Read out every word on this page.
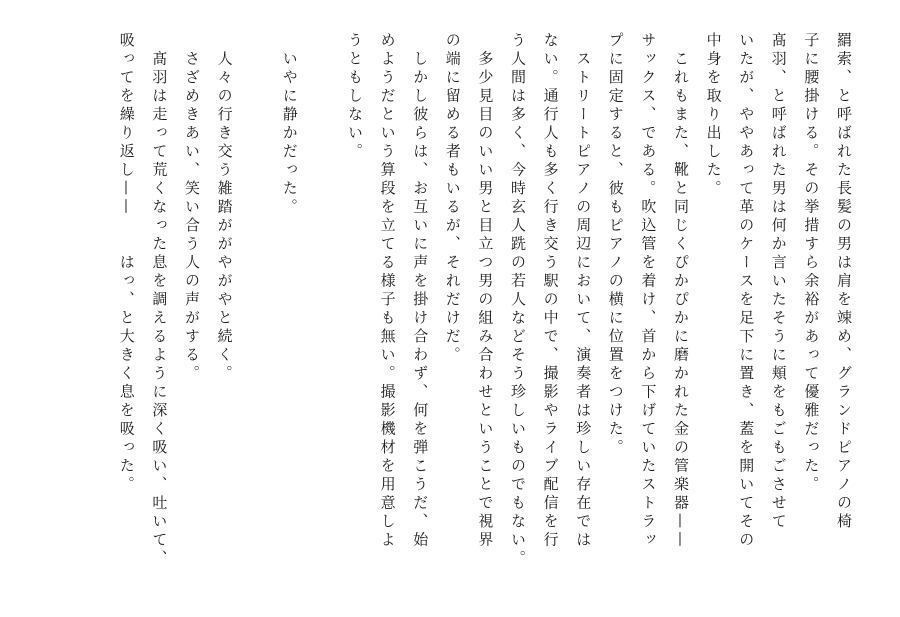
羂索、と呼ばれた長髪の男は肩を竦め、グランドピアノの椅
子に腰掛ける。その挙措すら余裕があって優雅だった。
髙羽、と呼ばれた男は何か言いたそうに頬をもごもごさせて
いたが、ややあって革のケースを足下に置き、蓋を開いてその
中身を取り出した。
　これもまた、靴と同じくぴかぴかに磨かれた金の管楽器——
サックス、である。吹込管を着け、首から下げていたストラッ
プに固定すると、彼もピアノの横に位置をつけた。
　ストリートピアノの周辺において、演奏者は珍しい存在では
ない。通行人も多く行き交う駅の中で、撮影やライブ配信を行
う人間は多く、今時玄人跣の若人などそう珍しいものでもない。
　多少見目のいい男と目立つ男の組み合わせということで視界
の端に留める者もいるが、それだけだ。
　しかし彼らは、お互いに声を掛け合わず、何を弾こうだ、始
めようだという算段を立てる様子も無い。撮影機材を用意しよ
うともしない。
　いやに静かだった。
　人々の行き交う雑踏ががやがやと続く。
　さざめきあい、笑い合う人の声がする。
　髙羽は走って荒くなった息を調えるように深く吸い、吐いて、
吸ってを繰り返し——　　はっ、と大きく息を吸った。
